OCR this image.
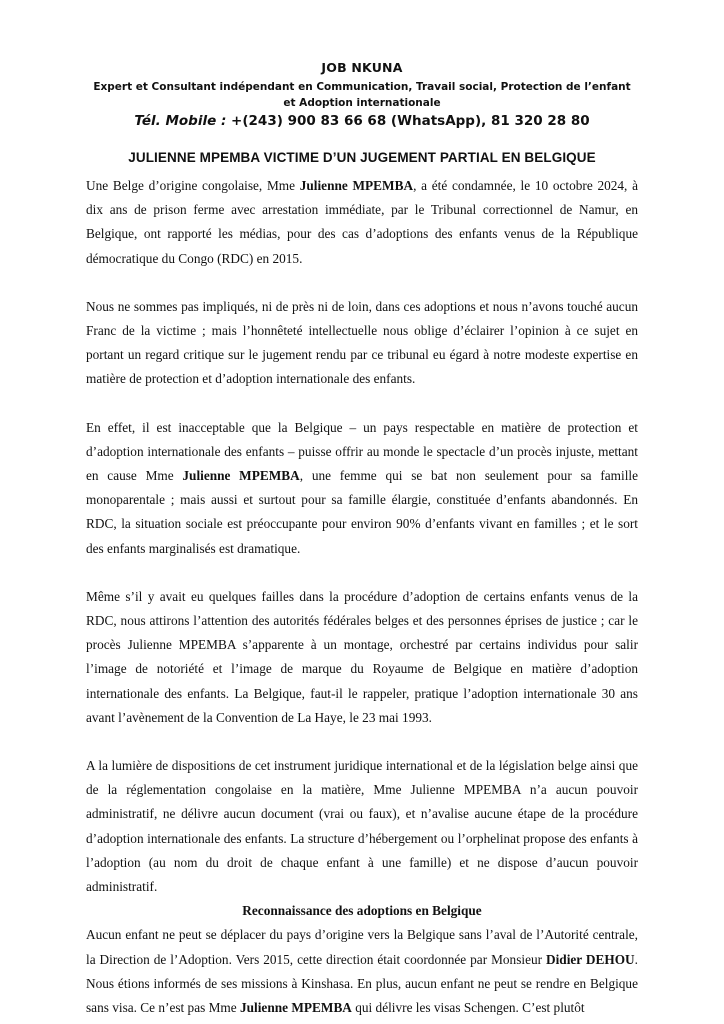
JOB NKUNA
Expert et Consultant indépendant en Communication, Travail social, Protection de l’enfant et Adoption internationale
Tél. Mobile : +(243) 900 83 66 68 (WhatsApp), 81 320 28 80
JULIENNE MPEMBA VICTIME D’UN JUGEMENT PARTIAL EN BELGIQUE

Une Belge d’origine congolaise, Mme Julienne MPEMBA, a été condamnée, le 10 octobre 2024, à dix ans de prison ferme avec arrestation immédiate, par le Tribunal correctionnel de Namur, en Belgique, ont rapporté les médias, pour des cas d’adoptions des enfants venus de la République démocratique du Congo (RDC) en 2015.

Nous ne sommes pas impliqués, ni de près ni de loin, dans ces adoptions et nous n’avons touché aucun Franc de la victime ; mais l’honnêteté intellectuelle nous oblige d’éclairer l’opinion à ce sujet en portant un regard critique sur le jugement rendu par ce tribunal eu égard à notre modeste expertise en matière de protection et d’adoption internationale des enfants.

En effet, il est inacceptable que la Belgique – un pays respectable en matière de protection et d’adoption internationale des enfants – puisse offrir au monde le spectacle d’un procès injuste, mettant en cause Mme Julienne MPEMBA, une femme qui se bat non seulement pour sa famille monoparentale ; mais aussi et surtout pour sa famille élargie, constituée d’enfants abandonnés. En RDC, la situation sociale est préoccupante pour environ 90% d’enfants vivant en familles ; et le sort des enfants marginalisés est dramatique.

Même s’il y avait eu quelques failles dans la procédure d’adoption de certains enfants venus de la RDC, nous attirons l’attention des autorités fédérales belges et des personnes éprises de justice ; car le procès Julienne MPEMBA s’apparente à un montage, orchestré par certains individus pour salir l’image de notoriété et l’image de marque du Royaume de Belgique en matière d’adoption internationale des enfants. La Belgique, faut-il le rappeler, pratique l’adoption internationale 30 ans avant l’avènement de la Convention de La Haye, le 23 mai 1993.

A la lumière de dispositions de cet instrument juridique international et de la législation belge ainsi que de la réglementation congolaise en la matière, Mme Julienne MPEMBA n’a aucun pouvoir administratif, ne délivre aucun document (vrai ou faux), et n’avalise aucune étape de la procédure d’adoption internationale des enfants. La structure d’hébergement ou l’orphelinat propose des enfants à l’adoption (au nom du droit de chaque enfant à une famille) et ne dispose d’aucun pouvoir administratif.

Reconnaissance des adoptions en Belgique

Aucun enfant ne peut se déplacer du pays d’origine vers la Belgique sans l’aval de l’Autorité centrale, la Direction de l’Adoption. Vers 2015, cette direction était coordonnée par Monsieur Didier DEHOU. Nous étions informés de ses missions à Kinshasa. En plus, aucun enfant ne peut se rendre en Belgique sans visa. Ce n’est pas Mme Julienne MPEMBA qui délivre les visas Schengen. C’est plutôt
